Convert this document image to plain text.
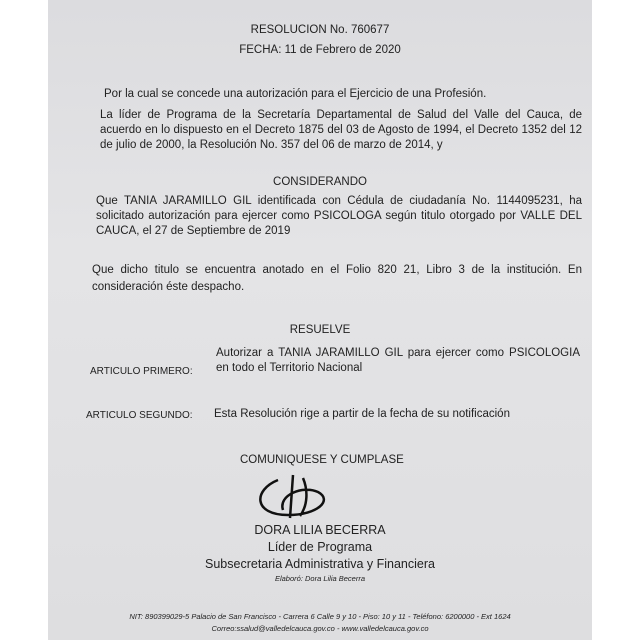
RESOLUCION No. 760677
FECHA: 11 de Febrero de 2020
Por la cual se concede una autorización para el Ejercicio de una Profesión.
La líder de Programa de la Secretaría Departamental de Salud del Valle del Cauca, de acuerdo en lo dispuesto en el Decreto 1875 del 03 de Agosto de 1994, el Decreto 1352 del 12 de julio de 2000, la Resolución No. 357 del 06 de marzo de 2014, y
CONSIDERANDO
Que TANIA JARAMILLO GIL identificada con Cédula de ciudadanía No. 1144095231, ha solicitado autorización para ejercer como PSICOLOGA según titulo otorgado por VALLE DEL CAUCA, el 27 de Septiembre de 2019
Que dicho titulo se encuentra anotado en el Folio 820 21, Libro 3 de la institución. En consideración éste despacho.
RESUELVE
ARTICULO PRIMERO:
Autorizar a TANIA JARAMILLO GIL para ejercer como PSICOLOGIA en todo el Territorio Nacional
ARTICULO SEGUNDO: Esta Resolución rige a partir de la fecha de su notificación
COMUNIQUESE Y CUMPLASE
DORA LILIA BECERRA
Líder de Programa
Subsecretaria Administrativa y Financiera
Elaboró: Dora Lilia Becerra
NIT: 890399029-5 Palacio de San Francisco - Carrera 6 Calle 9 y 10 - Piso: 10 y 11 - Teléfono: 6200000 - Ext 1624
Correo:ssalud@valledelcauca.gov.co - www.valledelcauca.gov.co
